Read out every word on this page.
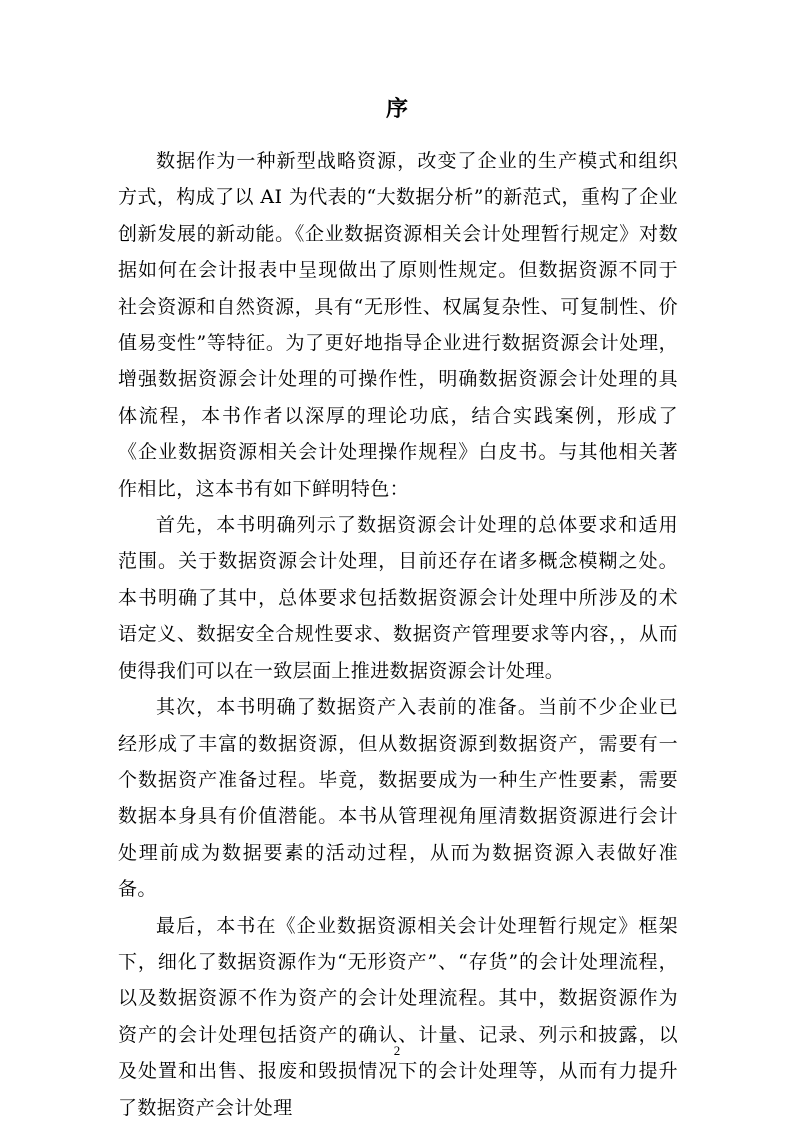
序

数据作为一种新型战略资源，改变了企业的生产模式和组织方式，构成了以 AI 为代表的“大数据分析”的新范式，重构了企业创新发展的新动能。《企业数据资源相关会计处理暂行规定》对数据如何在会计报表中呈现做出了原则性规定。但数据资源不同于社会资源和自然资源，具有“无形性、权属复杂性、可复制性、价值易变性”等特征。为了更好地指导企业进行数据资源会计处理，增强数据资源会计处理的可操作性，明确数据资源会计处理的具体流程，本书作者以深厚的理论功底，结合实践案例，形成了《企业数据资源相关会计处理操作规程》白皮书。与其他相关著作相比，这本书有如下鲜明特色：

首先，本书明确列示了数据资源会计处理的总体要求和适用范围。关于数据资源会计处理，目前还存在诸多概念模糊之处。本书明确了其中，总体要求包括数据资源会计处理中所涉及的术语定义、数据安全合规性要求、数据资产管理要求等内容，，从而使得我们可以在一致层面上推进数据资源会计处理。

其次，本书明确了数据资产入表前的准备。当前不少企业已经形成了丰富的数据资源，但从数据资源到数据资产，需要有一个数据资产准备过程。毕竟，数据要成为一种生产性要素，需要数据本身具有价值潜能。本书从管理视角厘清数据资源进行会计处理前成为数据要素的活动过程，从而为数据资源入表做好准备。

最后，本书在《企业数据资源相关会计处理暂行规定》框架下，细化了数据资源作为“无形资产”、“存货”的会计处理流程，以及数据资源不作为资产的会计处理流程。其中，数据资源作为资产的会计处理包括资产的确认、计量、记录、列示和披露，以及处置和出售、报废和毁损情况下的会计处理等，从而有力提升了数据资产会计处理

2
